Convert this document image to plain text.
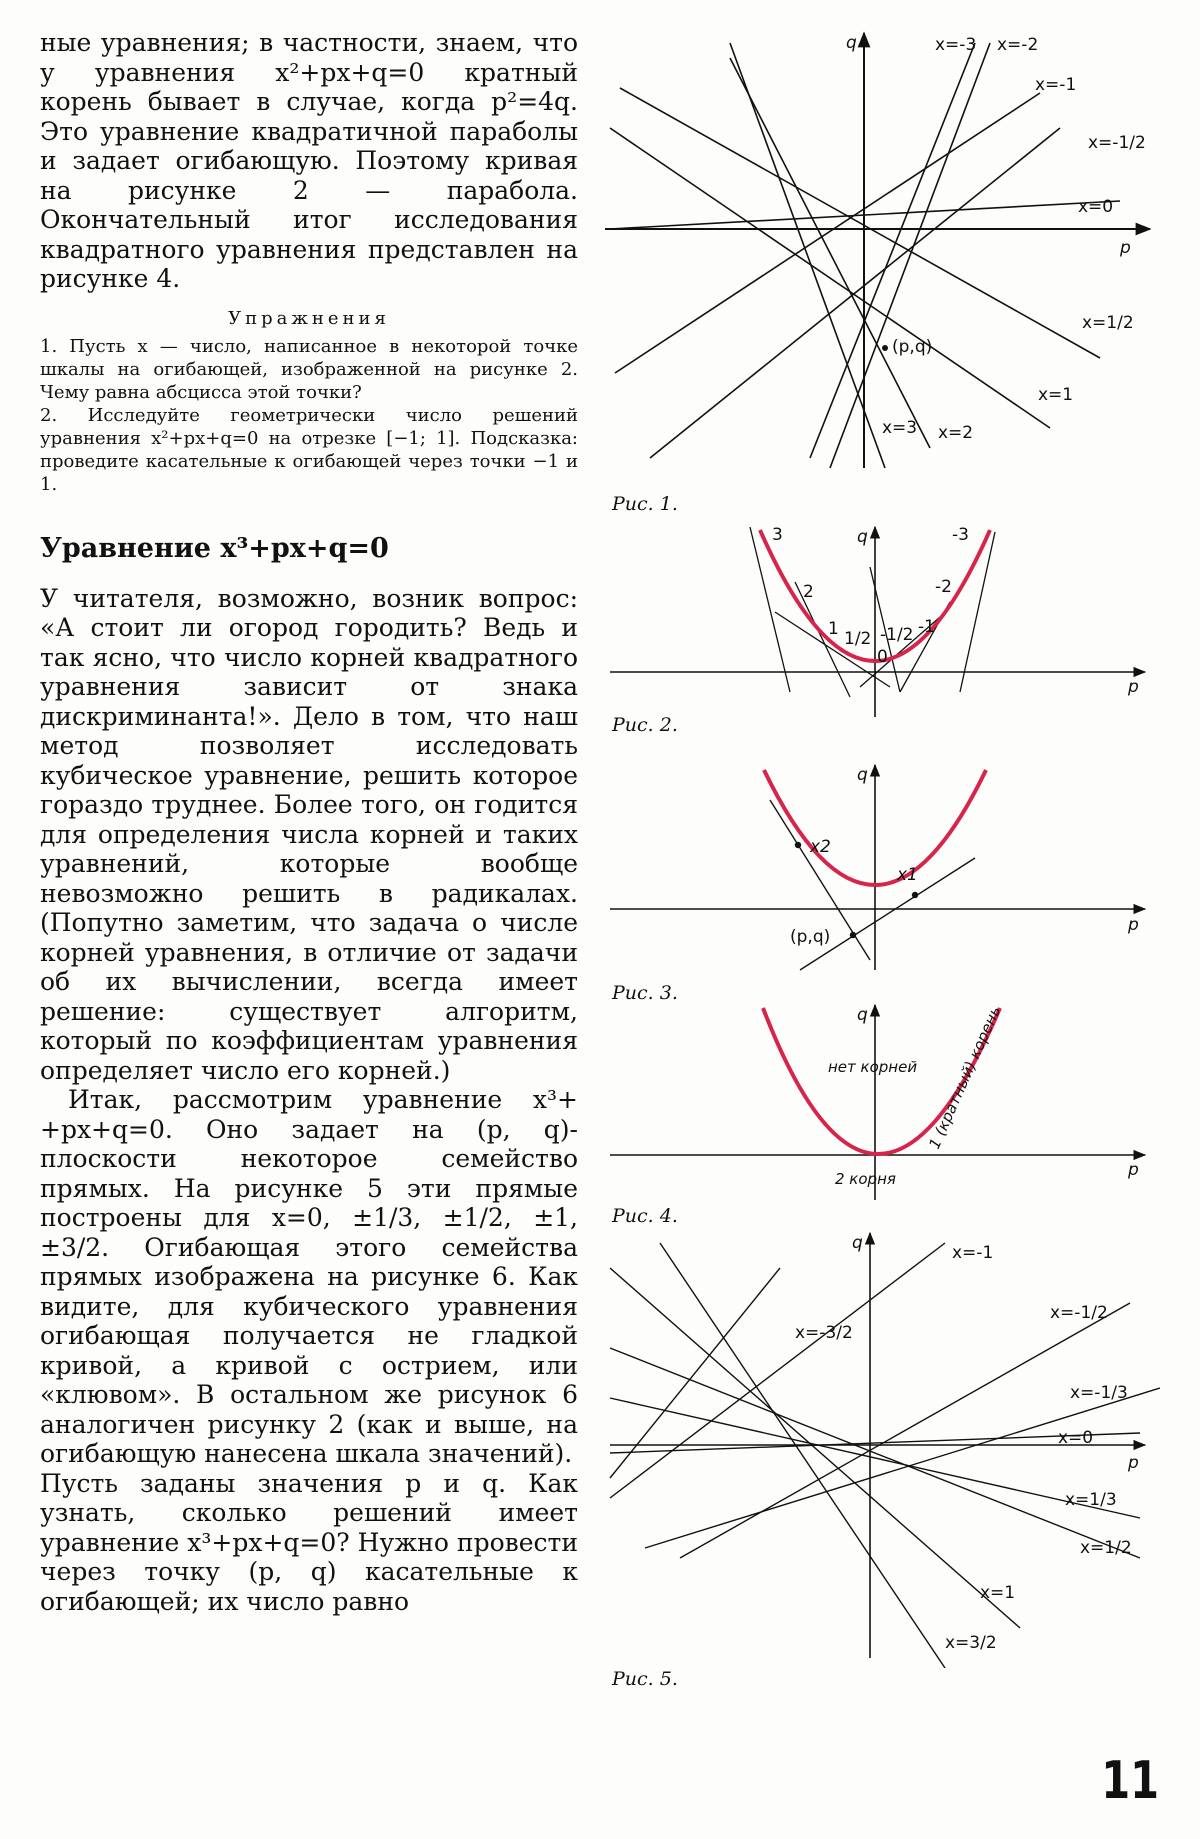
ные уравнения; в частности, знаем, что у уравнения x²+px+q=0 кратный корень бывает в случае, когда p²=4q. Это уравнение квадратичной параболы и задает огибающую. Поэтому кривая на рисунке 2 — парабола. Окончательный итог исследования квадратного уравнения представлен на рисунке 4.

Упражнения

1. Пусть x — число, написанное в некоторой точке шкалы на огибающей, изображенной на рисунке 2. Чему равна абсцисса этой точки?

2. Исследуйте геометрически число решений уравнения x²+px+q=0 на отрезке [−1; 1]. Подсказка: проведите касательные к огибающей через точки −1 и 1.

Уравнение x³+px+q=0

У читателя, возможно, возник вопрос: «А стоит ли огород городить? Ведь и так ясно, что число корней квадратного уравнения зависит от знака дискриминанта!». Дело в том, что наш метод позволяет исследовать кубическое уравнение, решить которое гораздо труднее. Более того, он годится для определения числа корней и таких уравнений, которые вообще невозможно решить в радикалах. (Попутно заметим, что задача о числе корней уравнения, в отличие от задачи об их вычислении, всегда имеет решение: существует алгоритм, который по коэффициентам уравнения определяет число его корней.)

Итак, рассмотрим уравнение x³+ +px+q=0. Оно задает на (p, q)-плоскости некоторое семейство прямых. На рисунке 5 эти прямые построены для x=0, ±1/3, ±1/2, ±1, ±3/2. Огибающая этого семейства прямых изображена на рисунке 6. Как видите, для кубического уравнения огибающая получается не гладкой кривой, а кривой с острием, или «клювом». В остальном же рисунок 6 аналогичен рисунку 2 (как и выше, на огибающую нанесена шкала значений).

Пусть заданы значения p и q. Как узнать, сколько решений имеет уравнение x³+px+q=0? Нужно провести через точку (p, q) касательные к огибающей; их число равно

q
p
x=-3 x=-2
x=-1
x=-1/2
x=0
x=1/2
x=1
x=2
x=3
(p,q)
Рис. 1.
q
p
3
2
1 1/2
0
-1/2 -1
-2
-3
Рис. 2.
q
p
x2
x1
(p,q)
Рис. 3.
q
p
нет корней
2 корня
1 (кратный) корень
Рис. 4.
q
p
x=-1
x=-1/2
x=-3/2
x=-1/3
x=0
x=1/3
x=1/2
x=1
x=3/2
Рис. 5.
11
